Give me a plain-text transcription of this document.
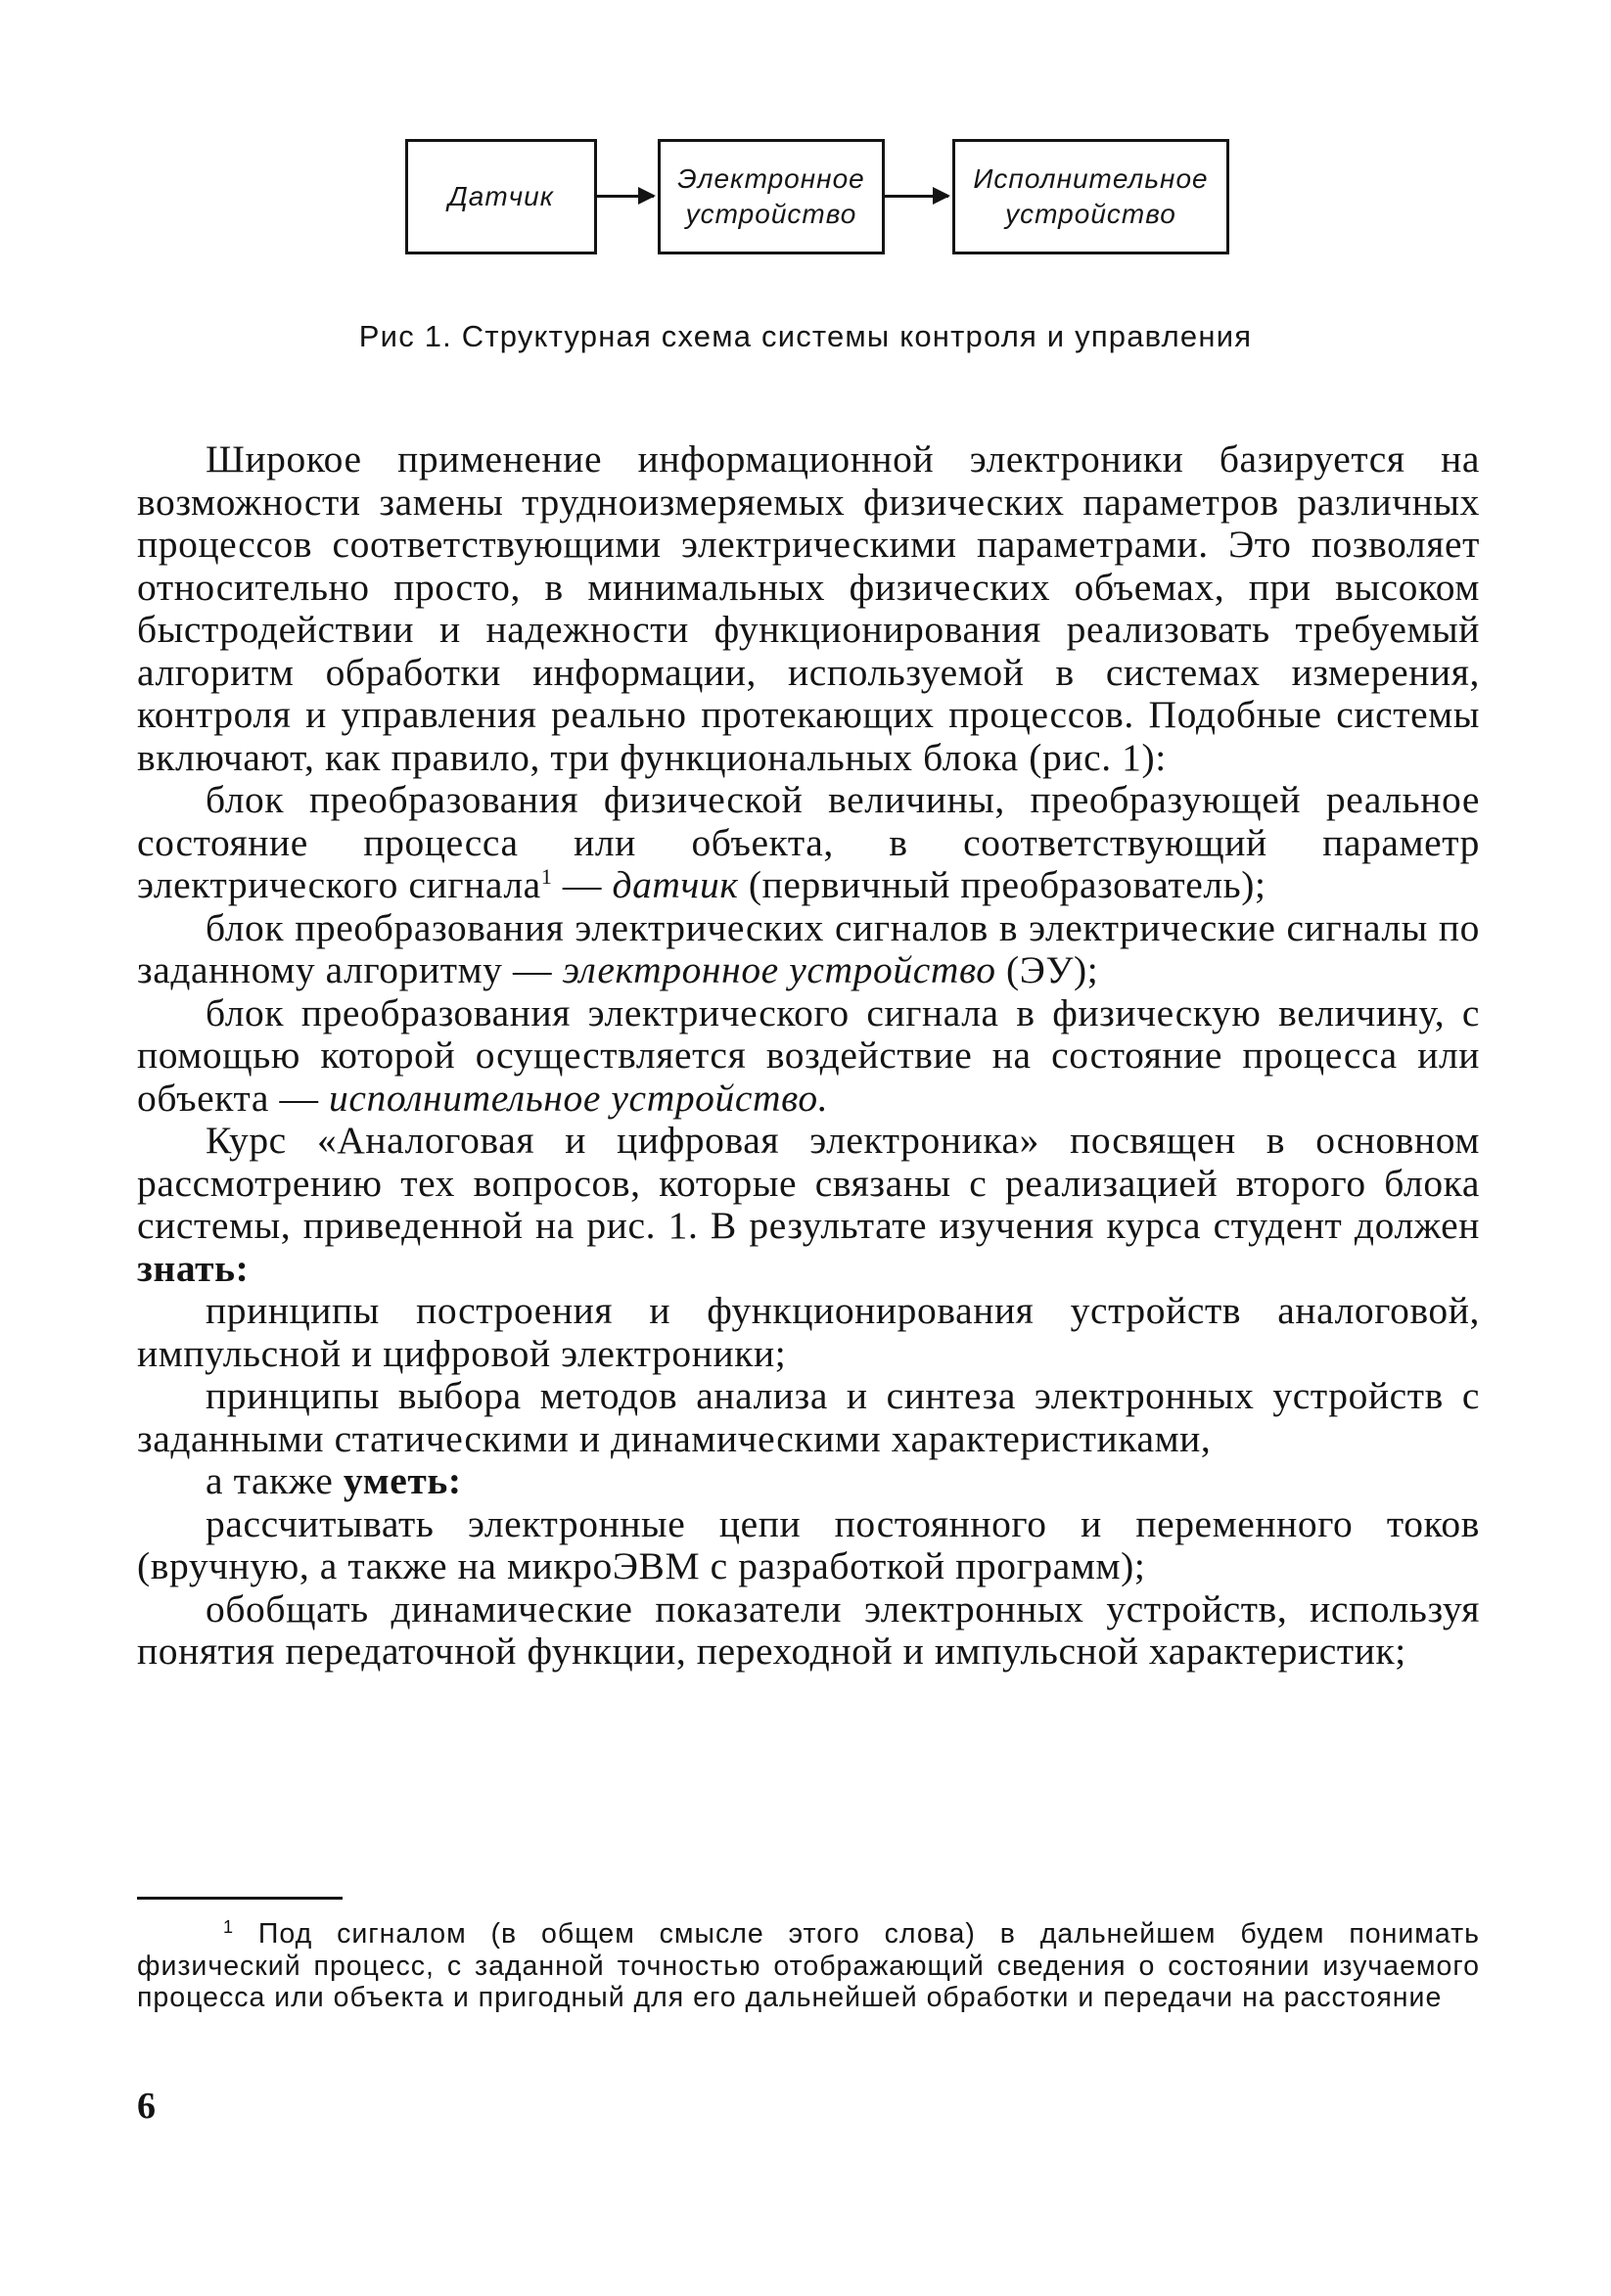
Датчик
Электронное
устройство
Исполнительное
устройство
Рис 1. Структурная схема системы контроля и управления

Широкое применение информационной электроники базируется на возможности замены трудноизмеряемых физических параметров различных процессов соответствующими электрическими параметрами. Это позволяет относительно просто, в минимальных физических объемах, при высоком быстродействии и надежности функционирования реализовать требуемый алгоритм обработки информации, используемой в системах измерения, контроля и управления реально протекающих процессов. Подобные системы включают, как правило, три функциональных блока (рис. 1):

блок преобразования физической величины, преобразующей реальное состояние процесса или объекта, в соответствующий параметр электрического сигнала$^1$ — датчик (первичный преобразователь);

блок преобразования электрических сигналов в электрические сигналы по заданному алгоритму — электронное устройство (ЭУ);

блок преобразования электрического сигнала в физическую величину, с помощью которой осуществляется воздействие на состояние процесса или объекта — исполнительное устройство.

Курс «Аналоговая и цифровая электроника» посвящен в основном рассмотрению тех вопросов, которые связаны с реализацией второго блока системы, приведенной на рис. 1. В результате изучения курса студент должен знать:

принципы построения и функционирования устройств аналоговой, импульсной и цифровой электроники;

принципы выбора методов анализа и синтеза электронных устройств с заданными статическими и динамическими характеристиками,

а также уметь:

рассчитывать электронные цепи постоянного и переменного токов (вручную, а также на микроЭВМ с разработкой программ);

обобщать динамические показатели электронных устройств, используя понятия передаточной функции, переходной и импульсной характеристик;

$^1$ Под сигналом (в общем смысле этого слова) в дальнейшем будем понимать физический процесс, с заданной точностью отображающий сведения о состоянии изучаемого процесса или объекта и пригодный для его дальнейшей обработки и передачи на расстояние
6
